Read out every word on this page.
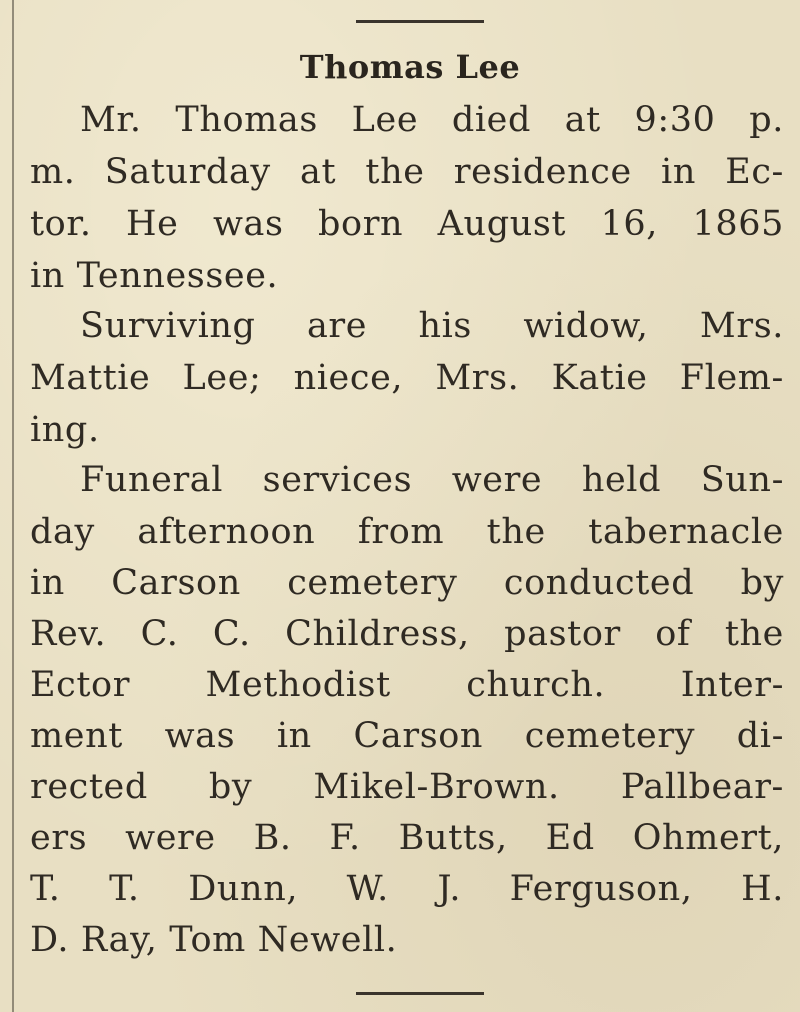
Thomas Lee
Mr. Thomas Lee died at 9:30 p.
m. Saturday at the residence in Ec-
tor. He was born August 16, 1865
in Tennessee.
Surviving are his widow, Mrs.
Mattie Lee; niece, Mrs. Katie Flem-
ing.
Funeral services were held Sun-
day afternoon from the tabernacle
in Carson cemetery conducted by
Rev. C. C. Childress, pastor of the
Ector Methodist church. Inter-
ment was in Carson cemetery di-
rected by Mikel-Brown. Pallbear-
ers were B. F. Butts, Ed Ohmert,
T. T. Dunn, W. J. Ferguson, H.
D. Ray, Tom Newell.
